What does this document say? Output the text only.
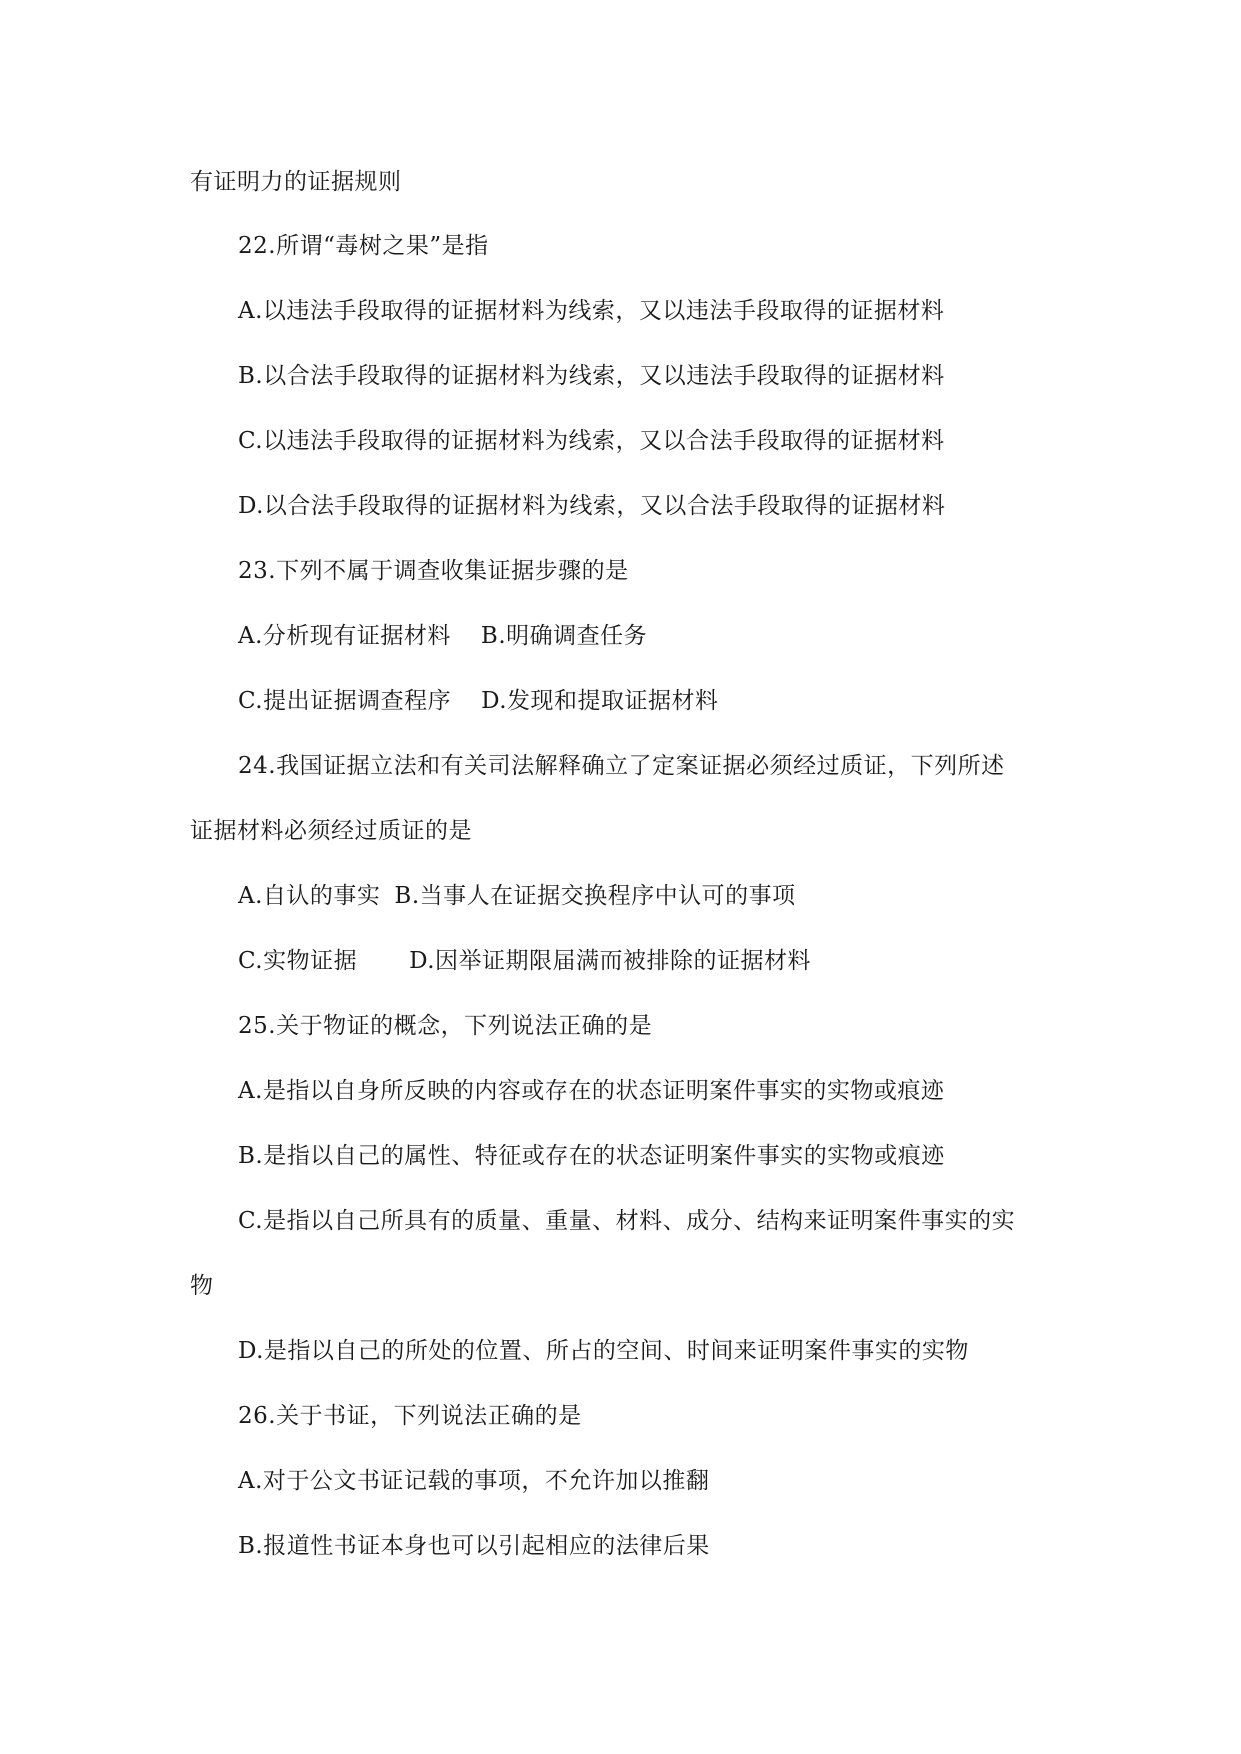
有证明力的证据规则
22.所谓“毒树之果”是指
A.以违法手段取得的证据材料为线索，又以违法手段取得的证据材料
B.以合法手段取得的证据材料为线索，又以违法手段取得的证据材料
C.以违法手段取得的证据材料为线索，又以合法手段取得的证据材料
D.以合法手段取得的证据材料为线索，又以合法手段取得的证据材料
23.下列不属于调查收集证据步骤的是
A.分析现有证据材料 B.明确调查任务
C.提出证据调查程序 D.发现和提取证据材料
24.我国证据立法和有关司法解释确立了定案证据必须经过质证，下列所述
证据材料必须经过质证的是
A.自认的事实 B.当事人在证据交换程序中认可的事项
C.实物证据 D.因举证期限届满而被排除的证据材料
25.关于物证的概念，下列说法正确的是
A.是指以自身所反映的内容或存在的状态证明案件事实的实物或痕迹
B.是指以自己的属性、特征或存在的状态证明案件事实的实物或痕迹
C.是指以自己所具有的质量、重量、材料、成分、结构来证明案件事实的实
物
D.是指以自己的所处的位置、所占的空间、时间来证明案件事实的实物
26.关于书证，下列说法正确的是
A.对于公文书证记载的事项，不允许加以推翻
B.报道性书证本身也可以引起相应的法律后果
